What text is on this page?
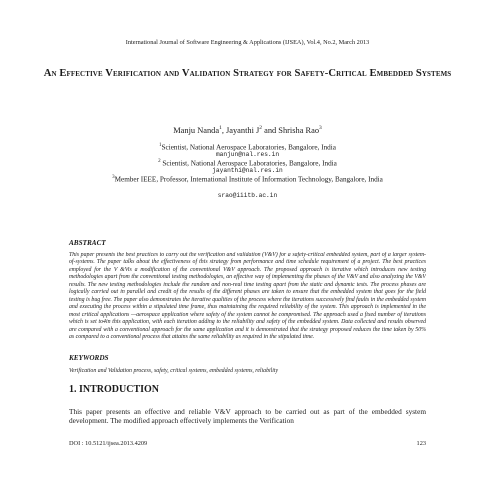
International Journal of Software Engineering & Applications (IJSEA), Vol.4, No.2, March 2013
An Effective Verification and Validation Strategy for Safety-Critical Embedded Systems
Manju Nanda$^1$, Jayanthi $J^2$ and Shrisha Rao$^3$
$^1$Scientist, National Aerospace Laboratories, Bangalore, India
manjun@nal.res.in
$^2$ Scientist, National Aerospace Laboratories, Bangalore, India
jayanthi@nal.res.in
$^3$Member IEEE, Professor, International Institute of Information Technology, Bangalore, India
srao@iiitb.ac.in
ABSTRACT

This paper presents the best practices to carry out the verification and validation (V&V) for a safety-critical embedded system, part of a larger system-of-systems. The paper talks about the effectiveness of this strategy from performance and time schedule requirement of a project. The best practices employed for the V &Vis a modification of the conventional V&V approach. The proposed approach is iterative which introduces new testing methodologies apart from the conventional testing methodologies, an effective way of implementing the phases of the V&V and also analyzing the V&V results. The new testing methodologies include the random and non-real time testing apart from the static and dynamic tests. The process phases are logically carried out in parallel and credit of the results of the different phases are taken to ensure that the embedded system that goes for the field testing is bug free. The paper also demonstrates the iterative qualities of the process where the iterations successively find faults in the embedded system and executing the process within a stipulated time frame, thus maintaining the required reliability of the system. This approach is implemented in the most critical applications —aerospace application where safety of the system cannot be compromised. The approach used a fixed number of iterations which is set to4in this application, with each iteration adding to the reliability and safety of the embedded system. Data collected and results observed are compared with a conventional approach for the same application and it is demonstrated that the strategy proposed reduces the time taken by 50% as compared to a conventional process that attains the same reliability as required in the stipulated time.

KEYWORDS
Verification and Validation process, safety, critical systems, embedded systems, reliability
1. INTRODUCTION

This paper presents an effective and reliable V&V approach to be carried out as part of the embedded system development. The modified approach effectively implements the Verification

DOI : 10.5121/ijsea.2013.4209	123
